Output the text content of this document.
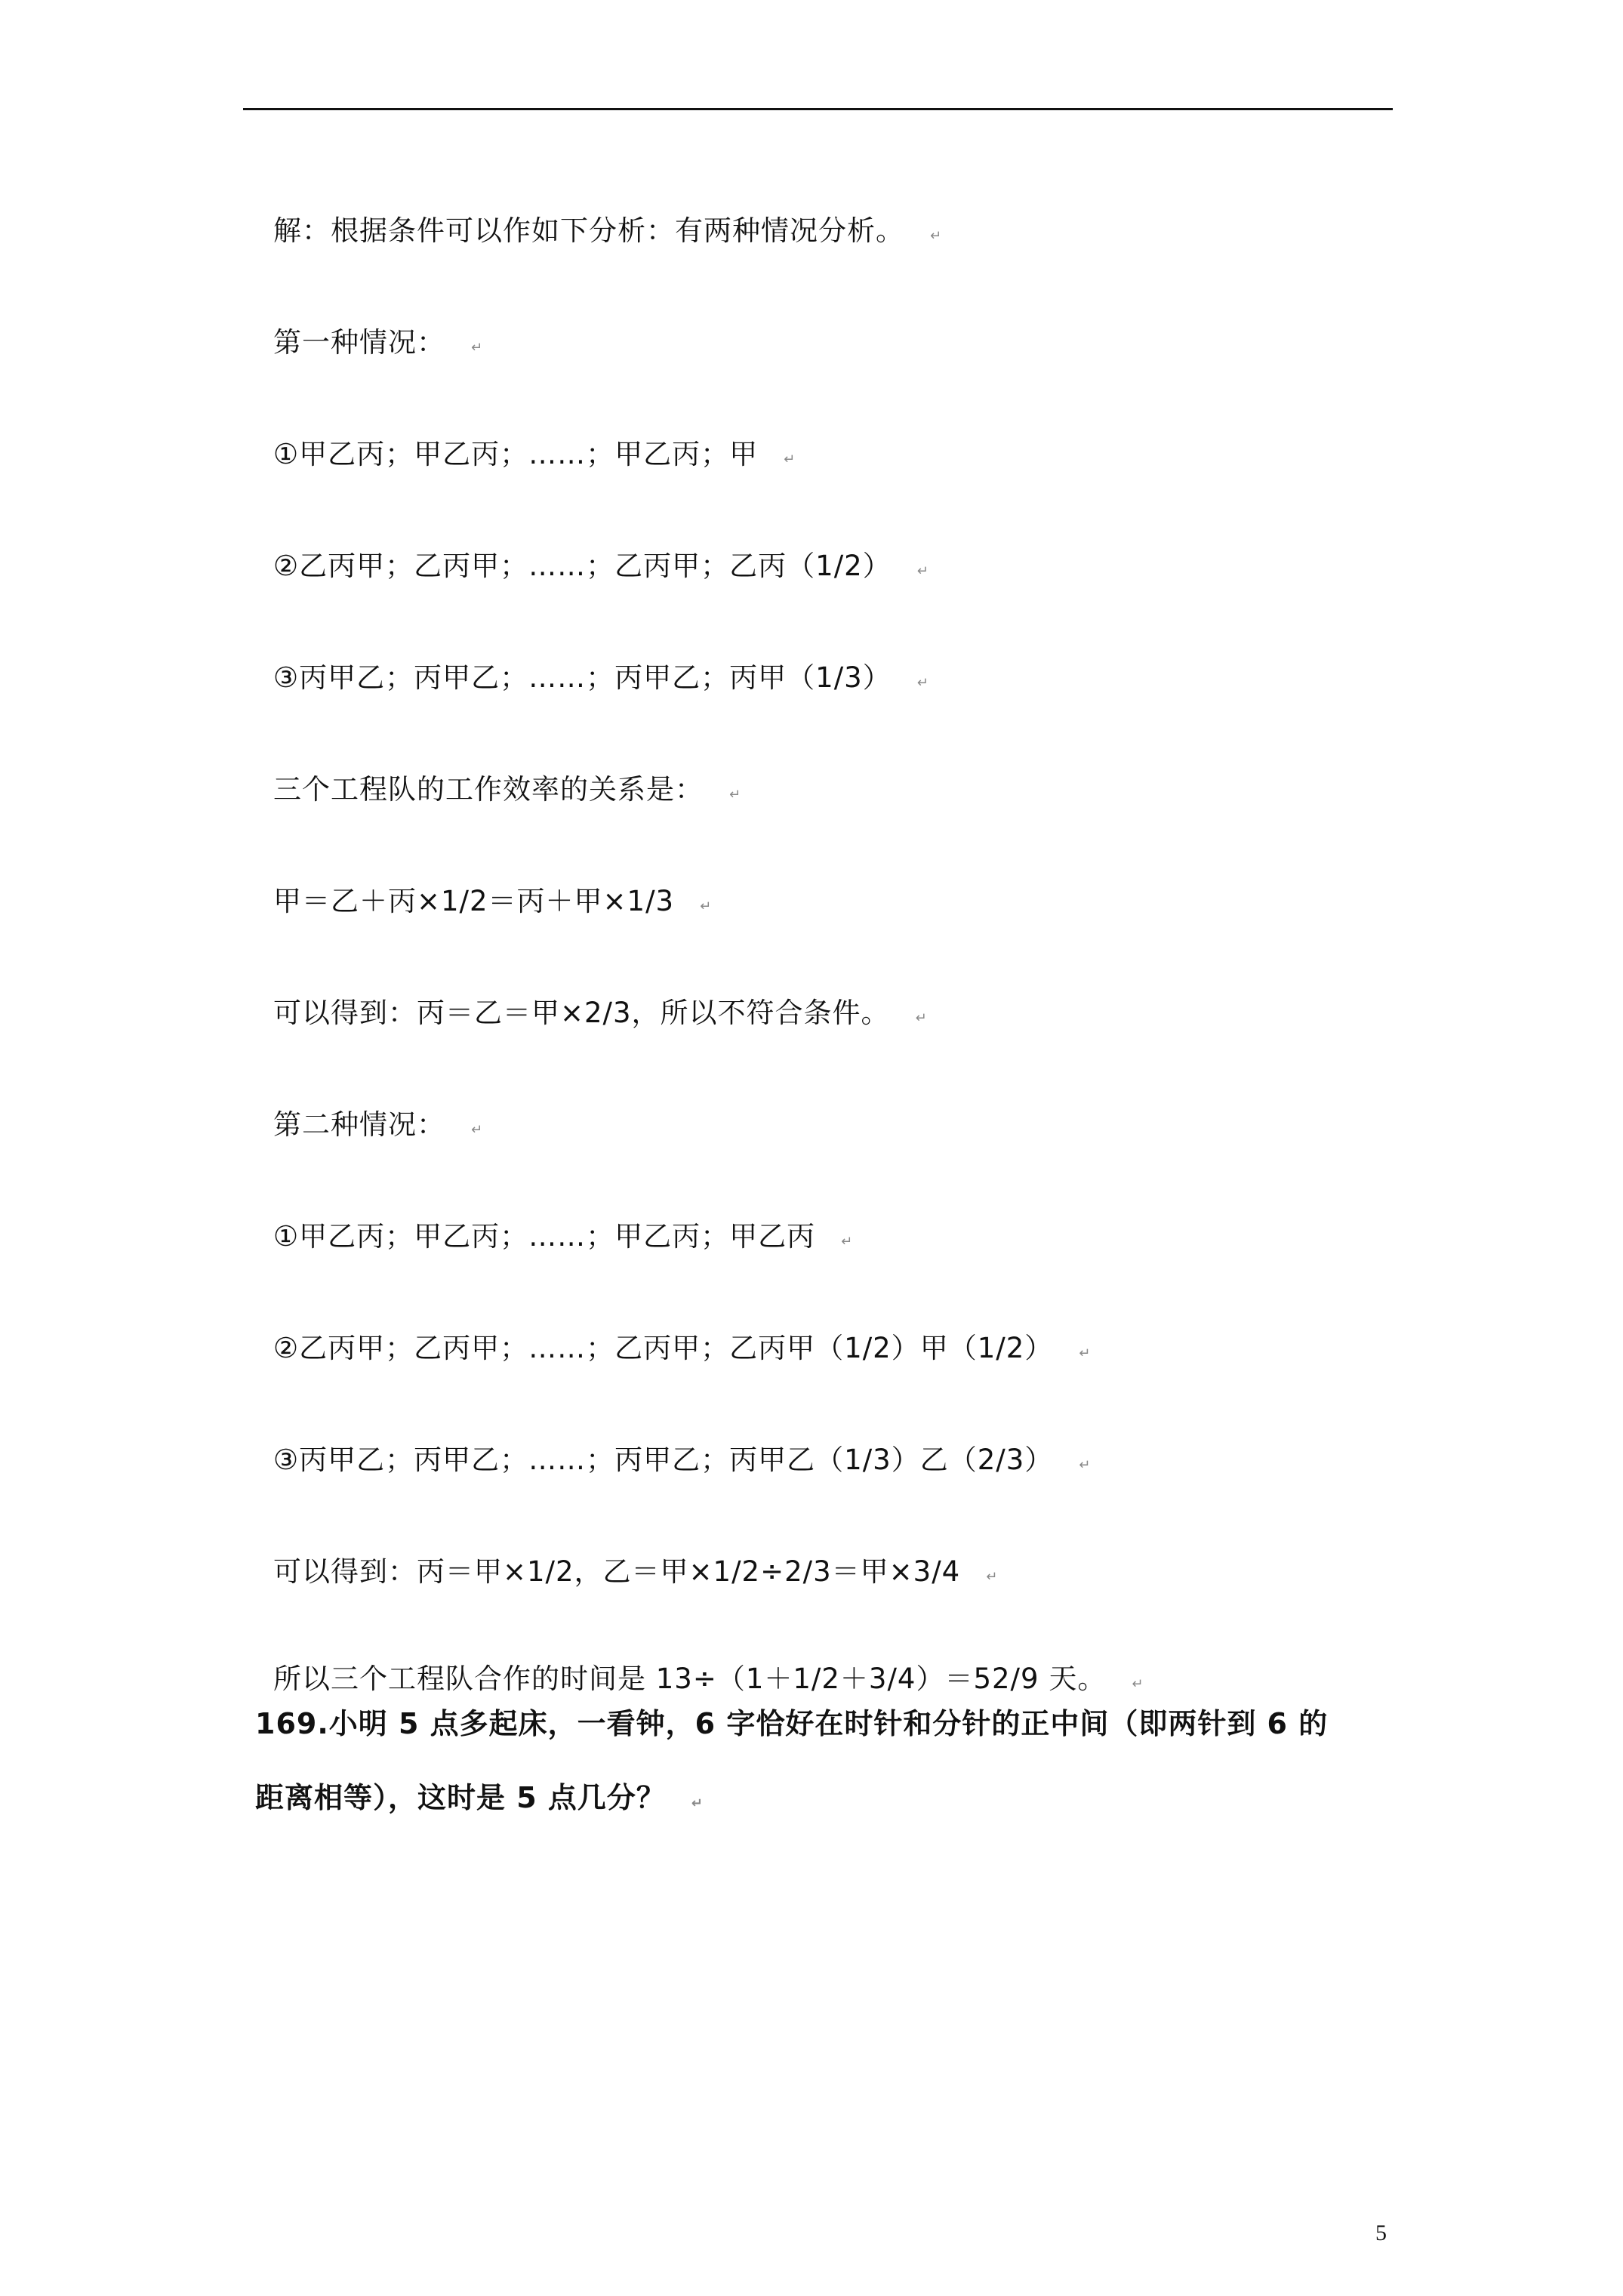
解：根据条件可以作如下分析：有两种情况分析。 ↵
第一种情况： ↵
①甲乙丙；甲乙丙；……；甲乙丙；甲 ↵
②乙丙甲；乙丙甲；……；乙丙甲；乙丙（1/2） ↵
③丙甲乙；丙甲乙；……；丙甲乙；丙甲（1/3） ↵
三个工程队的工作效率的关系是： ↵
甲＝乙＋丙×1/2＝丙＋甲×1/3 ↵
可以得到：丙＝乙＝甲×2/3，所以不符合条件。 ↵
第二种情况： ↵
①甲乙丙；甲乙丙；……；甲乙丙；甲乙丙 ↵
②乙丙甲；乙丙甲；……；乙丙甲；乙丙甲（1/2）甲（1/2） ↵
③丙甲乙；丙甲乙；……；丙甲乙；丙甲乙（1/3）乙（2/3） ↵
可以得到：丙＝甲×1/2，乙＝甲×1/2÷2/3＝甲×3/4 ↵
所以三个工程队合作的时间是 13÷（1＋1/2＋3/4）＝52/9 天。 ↵
169.小明 5 点多起床，一看钟，6 字恰好在时针和分针的正中间（即两针到 6 的
距离相等），这时是 5 点几分？ ↵
5
